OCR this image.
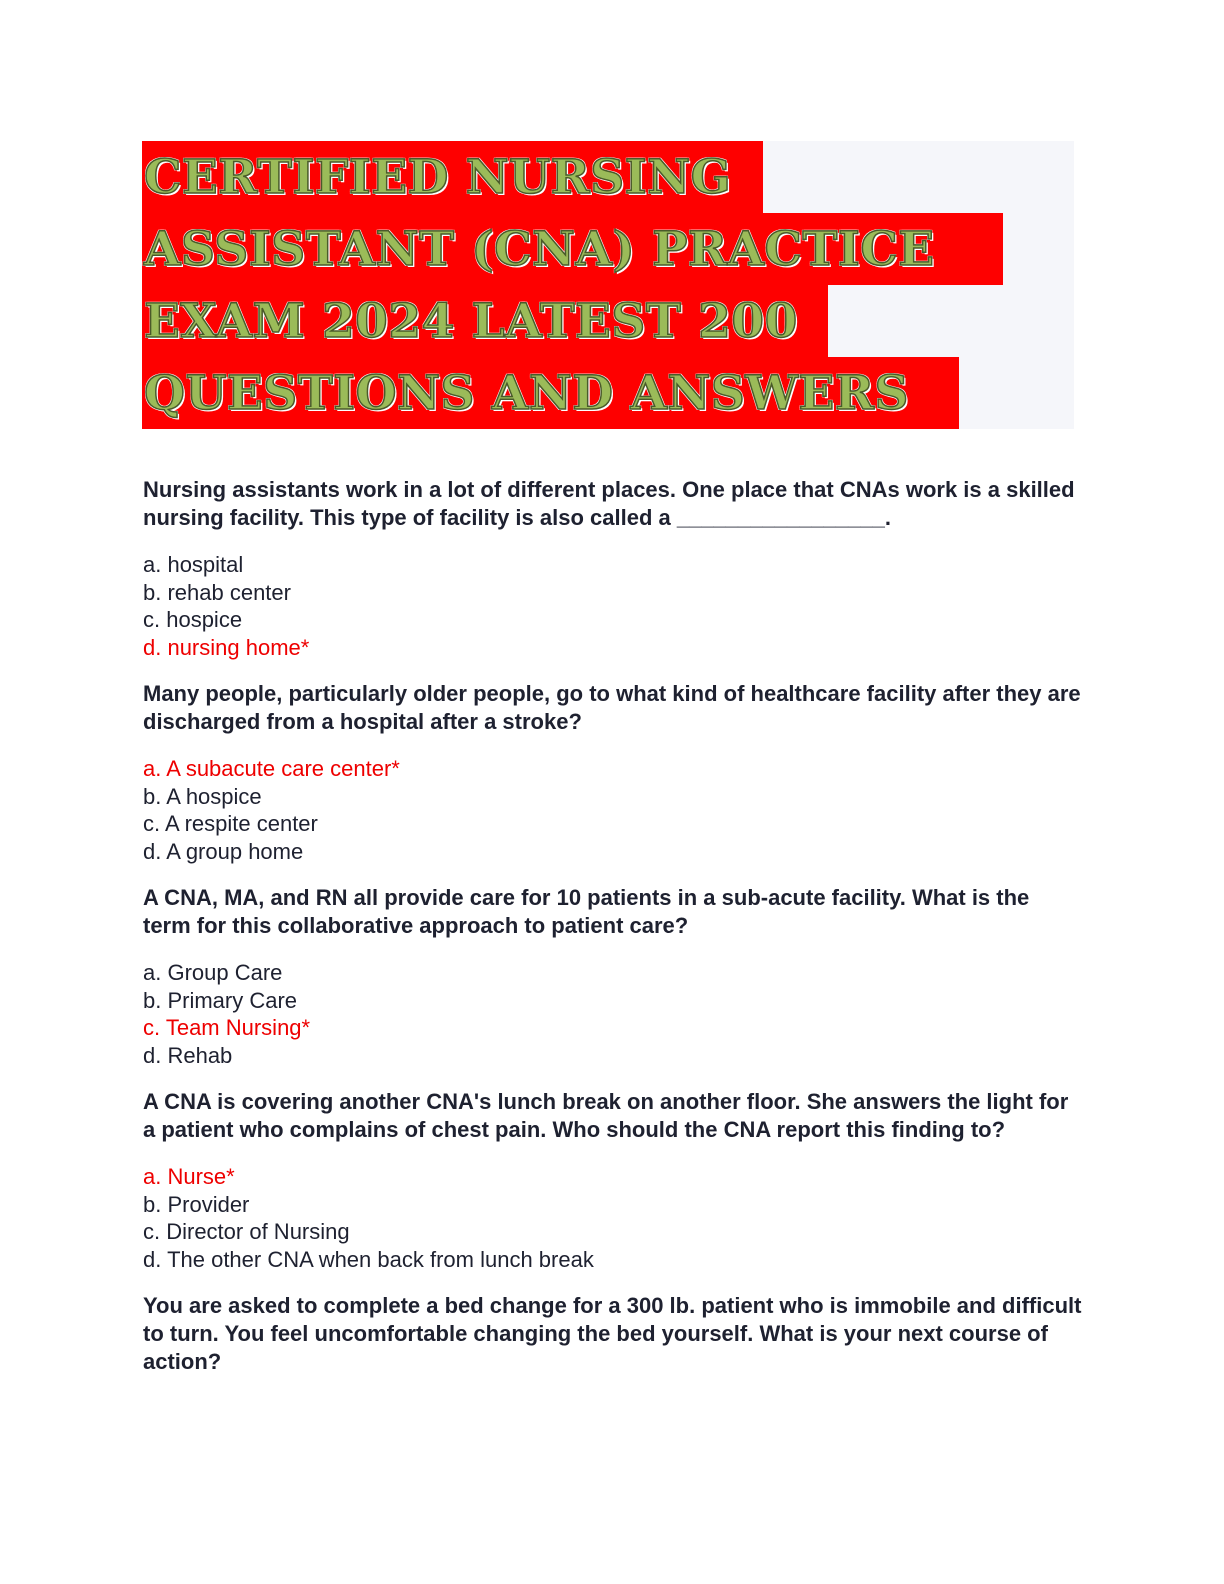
CERTIFIED NURSING
ASSISTANT (CNA) PRACTICE
EXAM 2024 LATEST 200
QUESTIONS AND ANSWERS

Nursing assistants work in a lot of different places. One place that CNAs work is a skilled nursing facility. This type of facility is also called a _________________.

a. hospital
b. rehab center
c. hospice
d. nursing home*

Many people, particularly older people, go to what kind of healthcare facility after they are discharged from a hospital after a stroke?

a. A subacute care center*
b. A hospice
c. A respite center
d. A group home

A CNA, MA, and RN all provide care for 10 patients in a sub-acute facility. What is the term for this collaborative approach to patient care?

a. Group Care
b. Primary Care
c. Team Nursing*
d. Rehab

A CNA is covering another CNA's lunch break on another floor. She answers the light for a patient who complains of chest pain. Who should the CNA report this finding to?

a. Nurse*
b. Provider
c. Director of Nursing
d. The other CNA when back from lunch break

You are asked to complete a bed change for a 300 lb. patient who is immobile and difficult to turn. You feel uncomfortable changing the bed yourself. What is your next course of action?
